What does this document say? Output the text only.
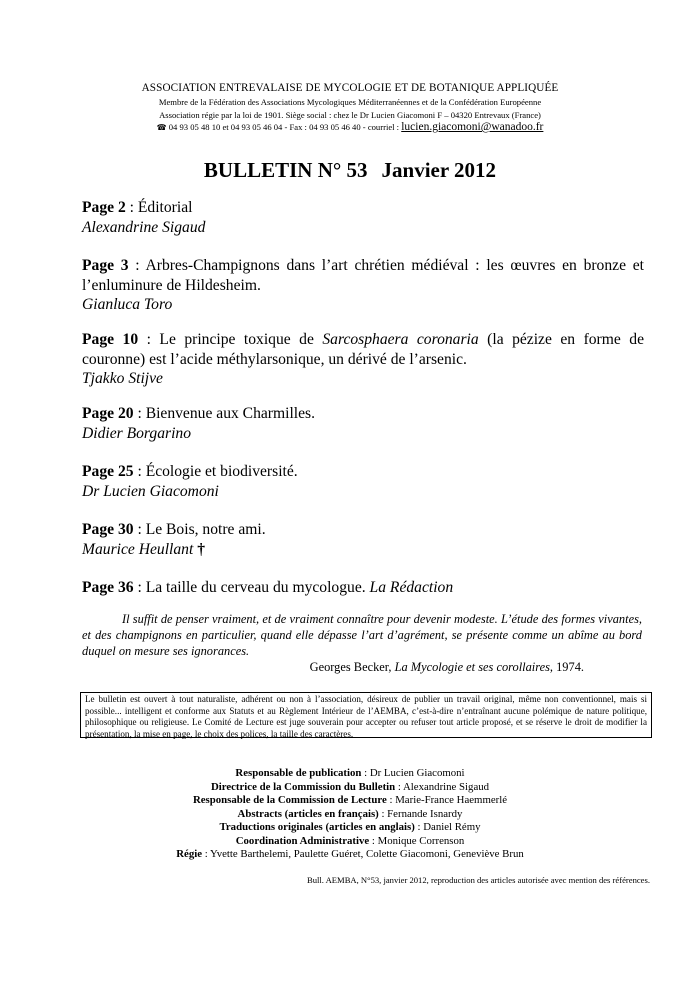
ASSOCIATION ENTREVALAISE DE MYCOLOGIE ET DE BOTANIQUE APPLIQUÉE
Membre de la Fédération des Associations Mycologiques Méditerranéennes et de la Confédération Européenne
Association régie par la loi de 1901. Siège social : chez le Dr Lucien Giacomoni F – 04320 Entrevaux (France)
☎ 04 93 05 48 10 et 04 93 05 46 04 - Fax : 04 93 05 46 40 - courriel : lucien.giacomoni@wanadoo.fr
BULLETIN N° 53 Janvier 2012
Page 2 : Éditorial
Alexandrine Sigaud
Page 3 : Arbres-Champignons dans l’art chrétien médiéval : les œuvres en bronze et l’enluminure de Hildesheim.
Gianluca Toro
Page 10 : Le principe toxique de Sarcosphaera coronaria (la pézize en forme de couronne) est l’acide méthylarsonique, un dérivé de l’arsenic.
Tjakko Stijve
Page 20 : Bienvenue aux Charmilles.
Didier Borgarino
Page 25 : Écologie et biodiversité.
Dr Lucien Giacomoni
Page 30 : Le Bois, notre ami.
Maurice Heullant †
Page 36 : La taille du cerveau du mycologue. La Rédaction
Il suffit de penser vraiment, et de vraiment connaître pour devenir modeste. L’étude des formes vivantes, et des champignons en particulier, quand elle dépasse l’art d’agrément, se présente comme un abîme au bord duquel on mesure ses ignorances.
Georges Becker, La Mycologie et ses corollaires, 1974.
Le bulletin est ouvert à tout naturaliste, adhérent ou non à l’association, désireux de publier un travail original, même non conventionnel, mais si possible... intelligent et conforme aux Statuts et au Règlement Intérieur de l’AEMBA, c’est-à-dire n’entraînant aucune polémique de nature politique, philosophique ou religieuse. Le Comité de Lecture est juge souverain pour accepter ou refuser tout article proposé, et se réserve le droit de modifier la présentation, la mise en page, le choix des polices, la taille des caractères.
Responsable de publication : Dr Lucien Giacomoni
Directrice de la Commission du Bulletin : Alexandrine Sigaud
Responsable de la Commission de Lecture : Marie-France Haemmerlé
Abstracts (articles en français) : Fernande Isnardy
Traductions originales (articles en anglais) : Daniel Rémy
Coordination Administrative : Monique Correnson
Régie : Yvette Barthelemi, Paulette Guéret, Colette Giacomoni, Geneviève Brun
Bull. AEMBA, N°53, janvier 2012, reproduction des articles autorisée avec mention des références.
